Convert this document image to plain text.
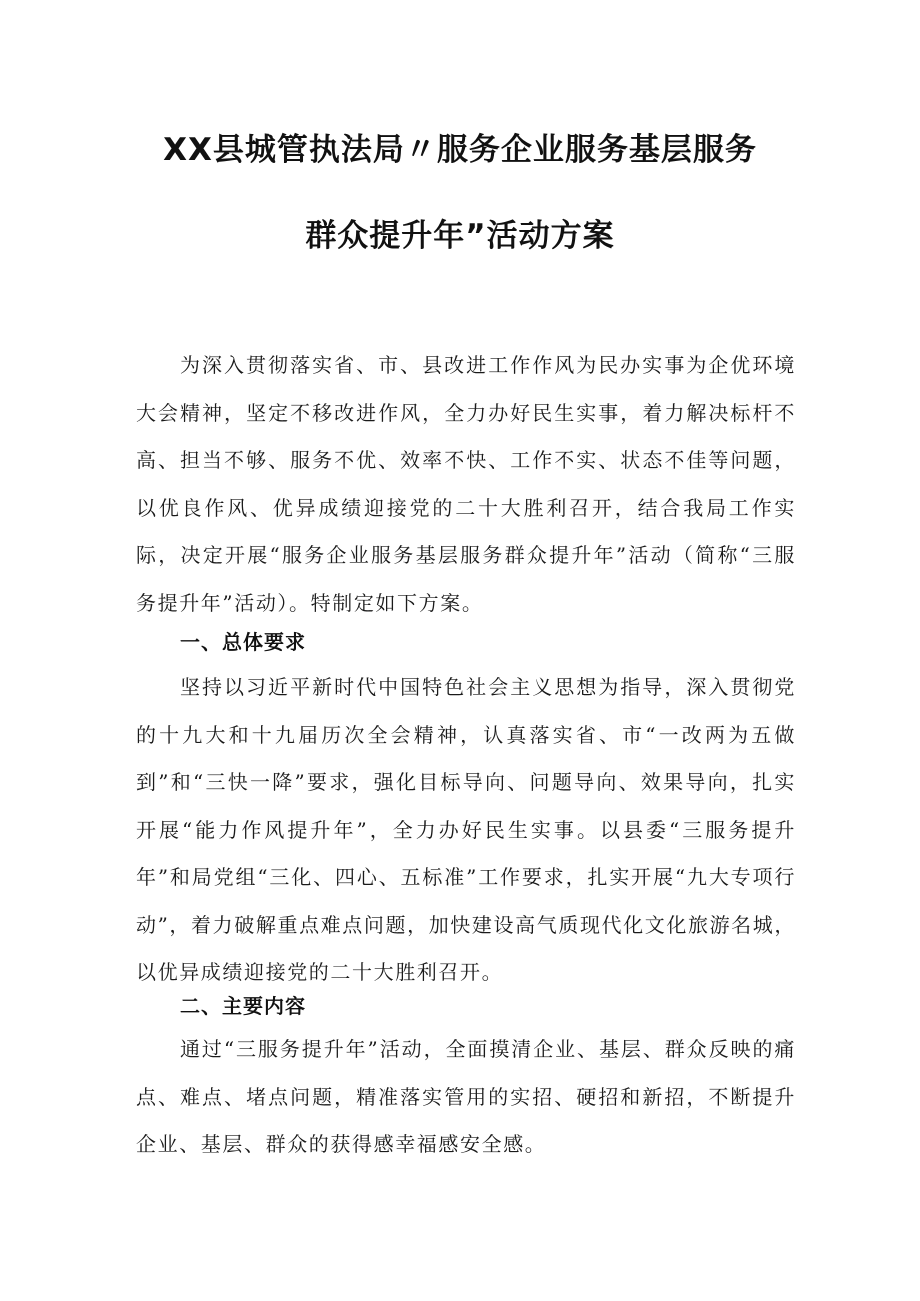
XX县城管执法局〃服务企业服务基层服务
群众提升年”活动方案
为深入贯彻落实省、市、县改进工作作风为民办实事为企优环境大会精神，坚定不移改进作风，全力办好民生实事，着力解决标杆不高、担当不够、服务不优、效率不快、工作不实、状态不佳等问题，以优良作风、优异成绩迎接党的二十大胜利召开，结合我局工作实际，决定开展“服务企业服务基层服务群众提升年”活动（简称“三服务提升年”活动）。特制定如下方案。
一、总体要求
坚持以习近平新时代中国特色社会主义思想为指导，深入贯彻党的十九大和十九届历次全会精神，认真落实省、市“一改两为五做到”和“三快一降”要求，强化目标导向、问题导向、效果导向，扎实开展“能力作风提升年”，全力办好民生实事。以县委“三服务提升年”和局党组“三化、四心、五标准”工作要求，扎实开展“九大专项行动”，着力破解重点难点问题，加快建设高气质现代化文化旅游名城，以优异成绩迎接党的二十大胜利召开。
二、主要内容
通过“三服务提升年”活动，全面摸清企业、基层、群众反映的痛点、难点、堵点问题，精准落实管用的实招、硬招和新招，不断提升企业、基层、群众的获得感幸福感安全感。
